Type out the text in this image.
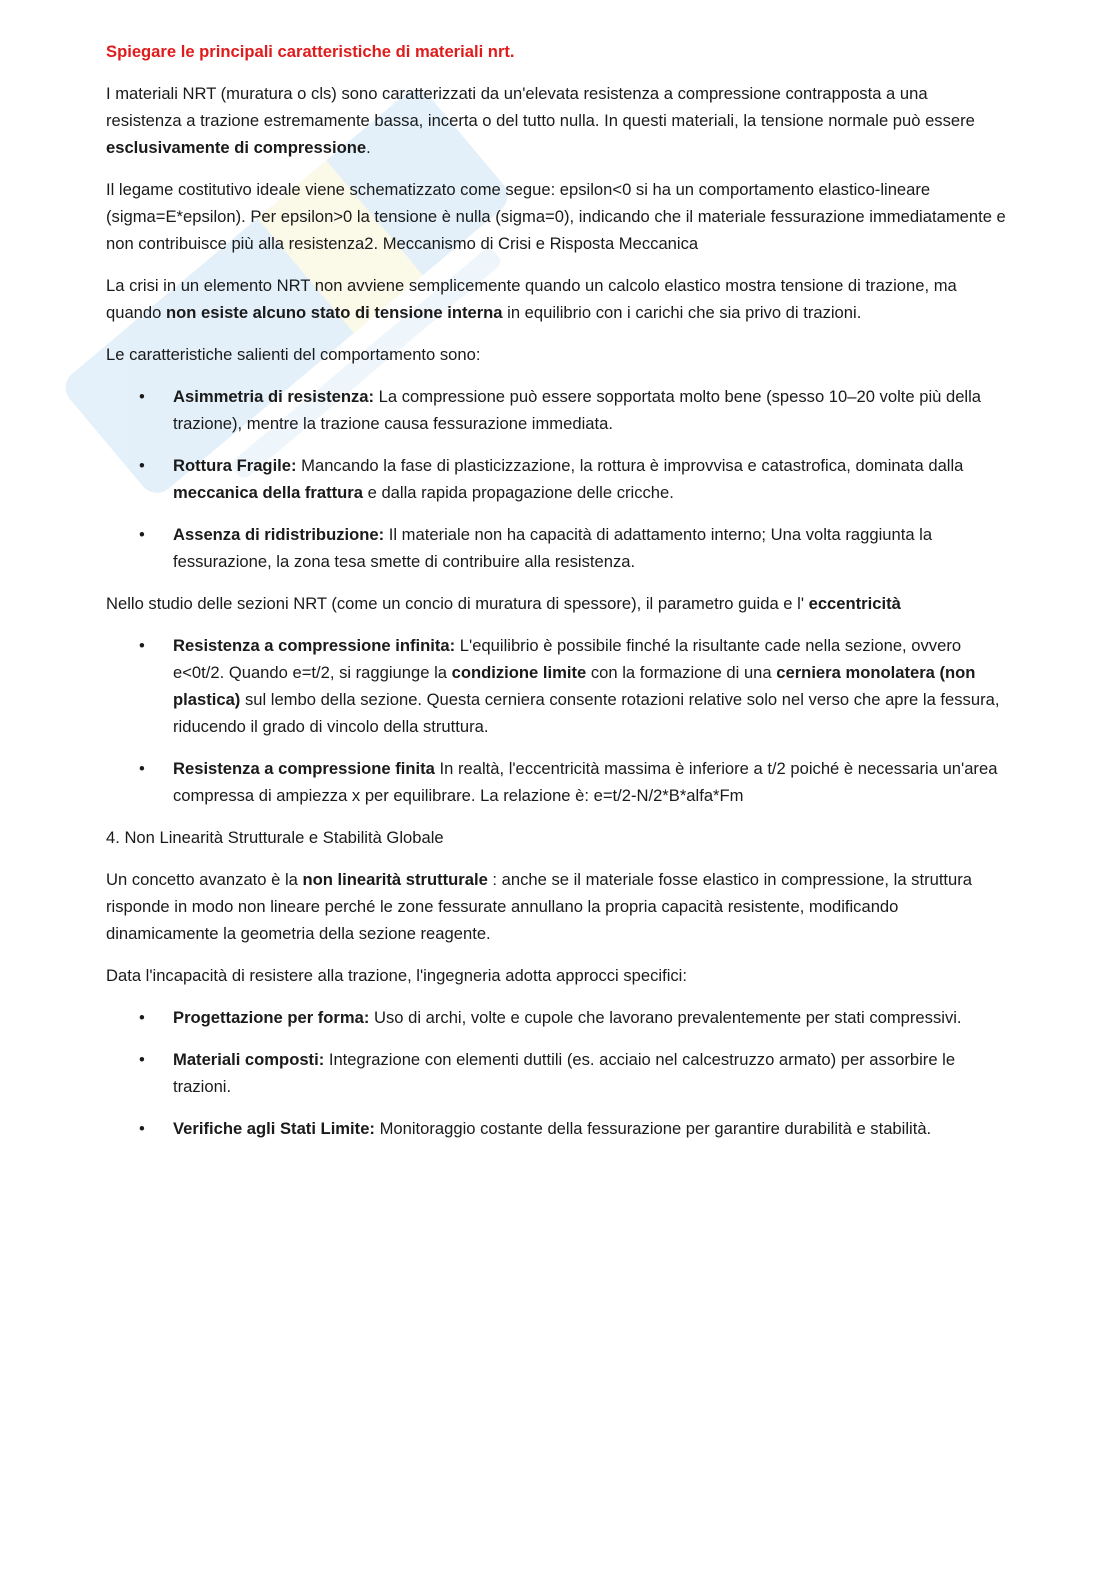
Spiegare le principali caratteristiche di materiali nrt.

I materiali NRT (muratura o cls) sono caratterizzati da un'elevata resistenza a compressione contrapposta a una resistenza a trazione estremamente bassa, incerta o del tutto nulla. In questi materiali, la tensione normale può essere esclusivamente di compressione.

Il legame costitutivo ideale viene schematizzato come segue: epsilon<0 si ha un comportamento elastico-lineare (sigma=E*epsilon). Per epsilon>0 la tensione è nulla (sigma=0), indicando che il materiale fessurazione immediatamente e non contribuisce più alla resistenza2. Meccanismo di Crisi e Risposta Meccanica

La crisi in un elemento NRT non avviene semplicemente quando un calcolo elastico mostra tensione di trazione, ma quando non esiste alcuno stato di tensione interna in equilibrio con i carichi che sia privo di trazioni.

Le caratteristiche salienti del comportamento sono:

• Asimmetria di resistenza: La compressione può essere sopportata molto bene (spesso 10–20 volte più della trazione), mentre la trazione causa fessurazione immediata.
• Rottura Fragile: Mancando la fase di plasticizzazione, la rottura è improvvisa e catastrofica, dominata dalla meccanica della frattura e dalla rapida propagazione delle cricche.
• Assenza di ridistribuzione: Il materiale non ha capacità di adattamento interno; Una volta raggiunta la fessurazione, la zona tesa smette di contribuire alla resistenza.

Nello studio delle sezioni NRT (come un concio di muratura di spessore), il parametro guida e l' eccentricità

• Resistenza a compressione infinita: L'equilibrio è possibile finché la risultante cade nella sezione, ovvero e<0t/2. Quando e=t/2, si raggiunge la condizione limite con la formazione di una cerniera monolatera (non plastica) sul lembo della sezione. Questa cerniera consente rotazioni relative solo nel verso che apre la fessura, riducendo il grado di vincolo della struttura.
• Resistenza a compressione finita In realtà, l'eccentricità massima è inferiore a t/2 poiché è necessaria un'area compressa di ampiezza x per equilibrare. La relazione è: e=t/2-N/2*B*alfa*Fm

4. Non Linearità Strutturale e Stabilità Globale

Un concetto avanzato è la non linearità strutturale : anche se il materiale fosse elastico in compressione, la struttura risponde in modo non lineare perché le zone fessurate annullano la propria capacità resistente, modificando dinamicamente la geometria della sezione reagente.

Data l'incapacità di resistere alla trazione, l'ingegneria adotta approcci specifici:

• Progettazione per forma: Uso di archi, volte e cupole che lavorano prevalentemente per stati compressivi.
• Materiali composti: Integrazione con elementi duttili (es. acciaio nel calcestruzzo armato) per assorbire le trazioni.
• Verifiche agli Stati Limite: Monitoraggio costante della fessurazione per garantire durabilità e stabilità.
